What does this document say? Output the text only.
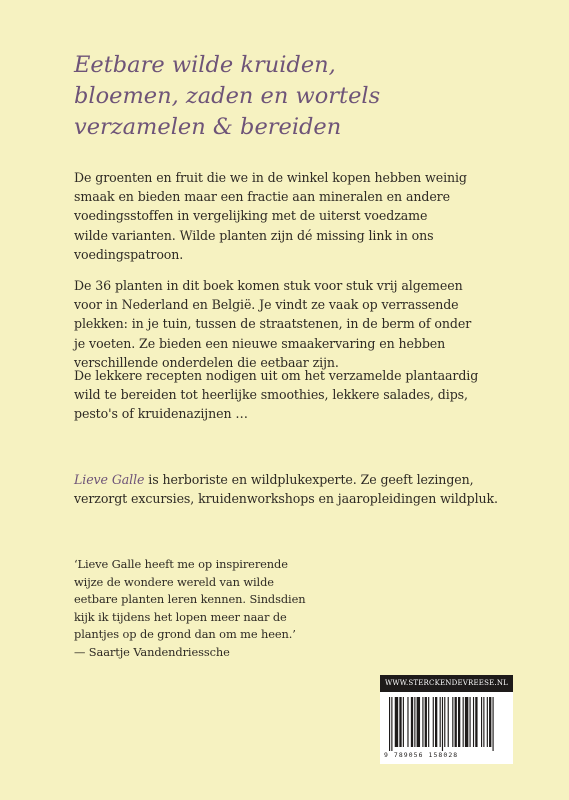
Eetbare wilde kruiden,
bloemen, zaden en wortels
verzamelen & bereiden

De groenten en fruit die we in de winkel kopen hebben weinig
smaak en bieden maar een fractie aan mineralen en andere
voedingsstoffen in vergelijking met de uiterst voedzame
wilde varianten. Wilde planten zijn dé missing link in ons
voedingspatroon.

De 36 planten in dit boek komen stuk voor stuk vrij algemeen
voor in Nederland en België. Je vindt ze vaak op verrassende
plekken: in je tuin, tussen de straatstenen, in de berm of onder
je voeten. Ze bieden een nieuwe smaakervaring en hebben
verschillende onderdelen die eetbaar zijn.

De lekkere recepten nodigen uit om het verzamelde plantaardig
wild te bereiden tot heerlijke smoothies, lekkere salades, dips,
pesto's of kruidenazijnen …

Lieve Galle is herboriste en wildplukexperte. Ze geeft lezingen,
verzorgt excursies, kruidenworkshops en jaaropleidingen wildpluk.

‘Lieve Galle heeft me op inspirerende
wijze de wondere wereld van wilde
eetbare planten leren kennen. Sindsdien
kijk ik tijdens het lopen meer naar de
plantjes op de grond dan om me heen.’
— Saartje Vandendriessche

WWW.STERCKENDEVREESE.NL
9 789056 158028
